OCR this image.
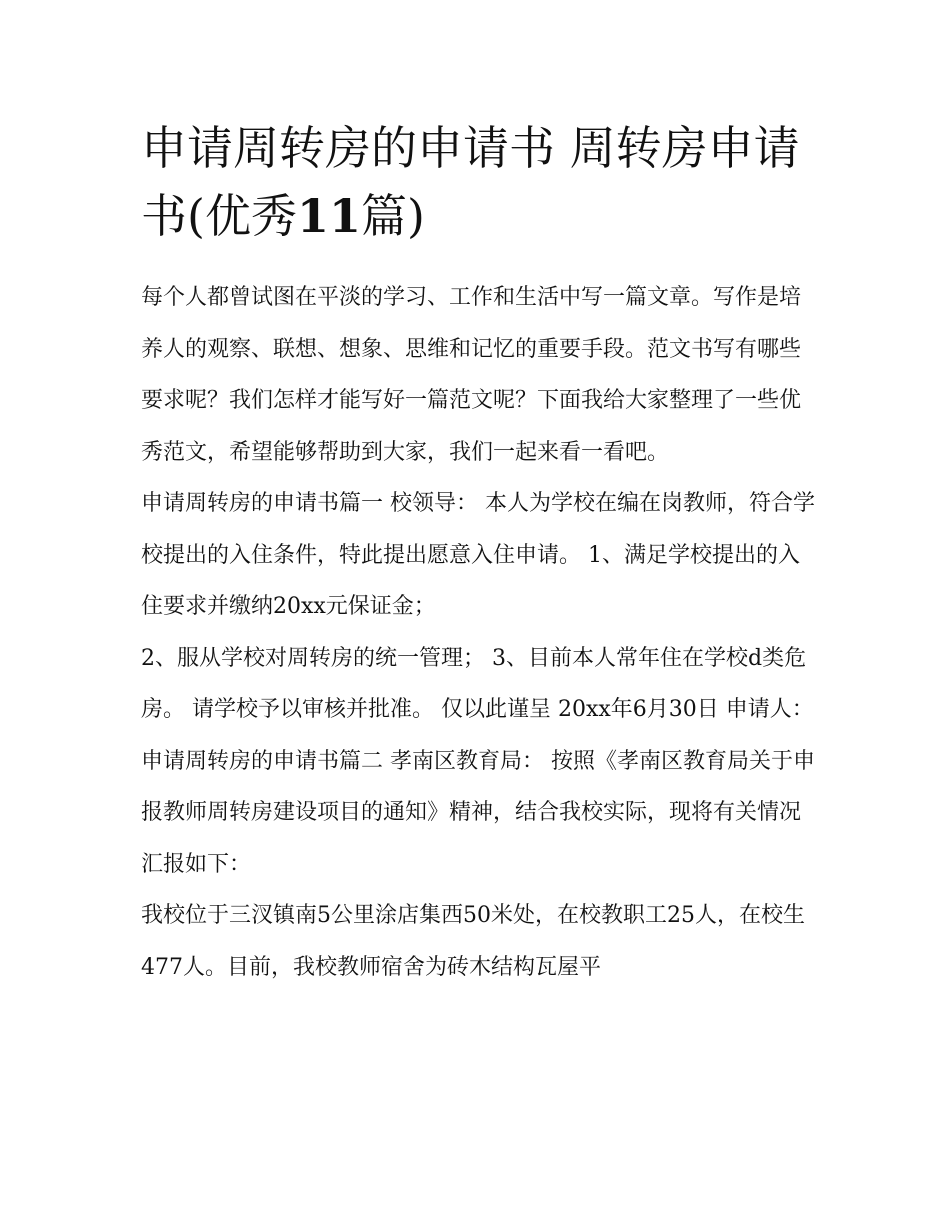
申请周转房的申请书 周转房申请书(优秀11篇)

每个人都曾试图在平淡的学习、工作和生活中写一篇文章。写作是培养人的观察、联想、想象、思维和记忆的重要手段。范文书写有哪些要求呢？我们怎样才能写好一篇范文呢？下面我给大家整理了一些优秀范文，希望能够帮助到大家，我们一起来看一看吧。

申请周转房的申请书篇一 校领导： 本人为学校在编在岗教师，符合学校提出的入住条件，特此提出愿意入住申请。 1、满足学校提出的入住要求并缴纳20xx元保证金；

2、服从学校对周转房的统一管理； 3、目前本人常年住在学校d类危房。 请学校予以审核并批准。 仅以此谨呈 20xx年6月30日 申请人：

申请周转房的申请书篇二 孝南区教育局： 按照《孝南区教育局关于申报教师周转房建设项目的通知》精神，结合我校实际，现将有关情况汇报如下：

我校位于三汊镇南5公里涂店集西50米处，在校教职工25人，在校生477人。目前，我校教师宿舍为砖木结构瓦屋平
